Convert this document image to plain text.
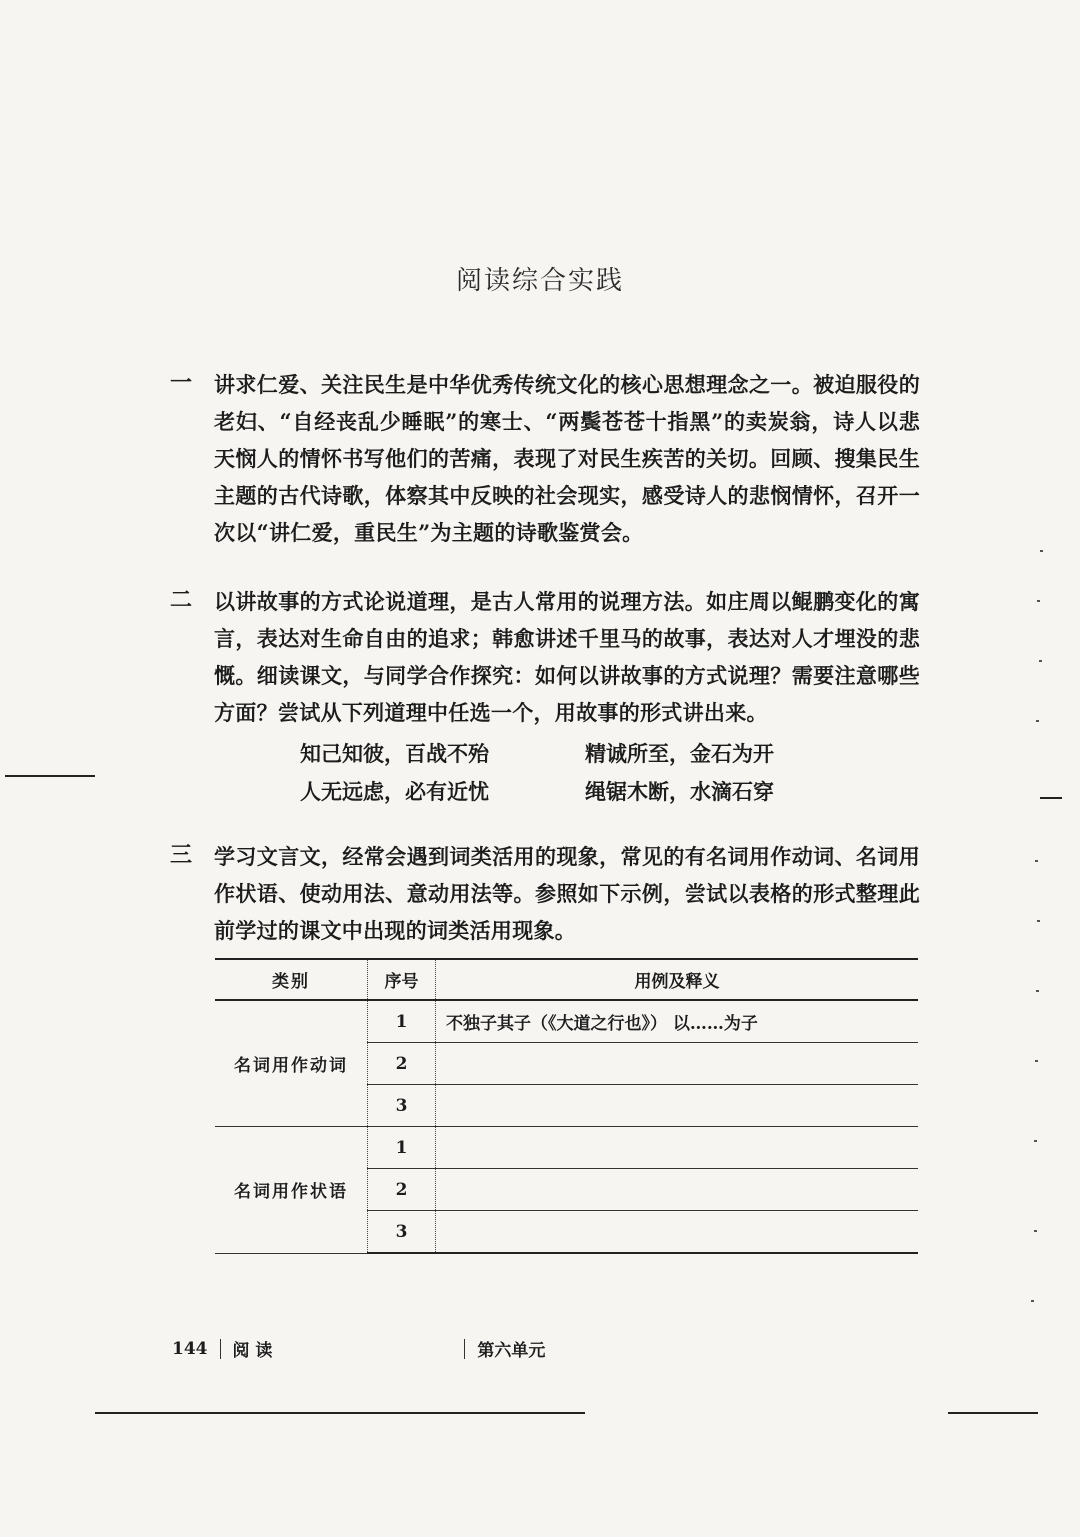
阅读综合实践
一	讲求仁爱、关注民生是中华优秀传统文化的核心思想理念之一。被迫服役的老妇、“自经丧乱少睡眠”的寒士、“两鬓苍苍十指黑”的卖炭翁，诗人以悲天悯人的情怀书写他们的苦痛，表现了对民生疾苦的关切。回顾、搜集民生主题的古代诗歌，体察其中反映的社会现实，感受诗人的悲悯情怀，召开一次以“讲仁爱，重民生”为主题的诗歌鉴赏会。
二	以讲故事的方式论说道理，是古人常用的说理方法。如庄周以鲲鹏变化的寓言，表达对生命自由的追求；韩愈讲述千里马的故事，表达对人才埋没的悲慨。细读课文，与同学合作探究：如何以讲故事的方式说理？需要注意哪些方面？尝试从下列道理中任选一个，用故事的形式讲出来。
知己知彼，百战不殆	精诚所至，金石为开
人无远虑，必有近忧	绳锯木断，水滴石穿
三	学习文言文，经常会遇到词类活用的现象，常见的有名词用作动词、名词用作状语、使动用法、意动用法等。参照如下示例，尝试以表格的形式整理此前学过的课文中出现的词类活用现象。
类别	序号	用例及释义
名词用作动词	1	不独子其子（《大道之行也》） 以……为子
	2	
	3	
名词用作状语	1	
	2	
	3	
144 阅 读	第六单元
